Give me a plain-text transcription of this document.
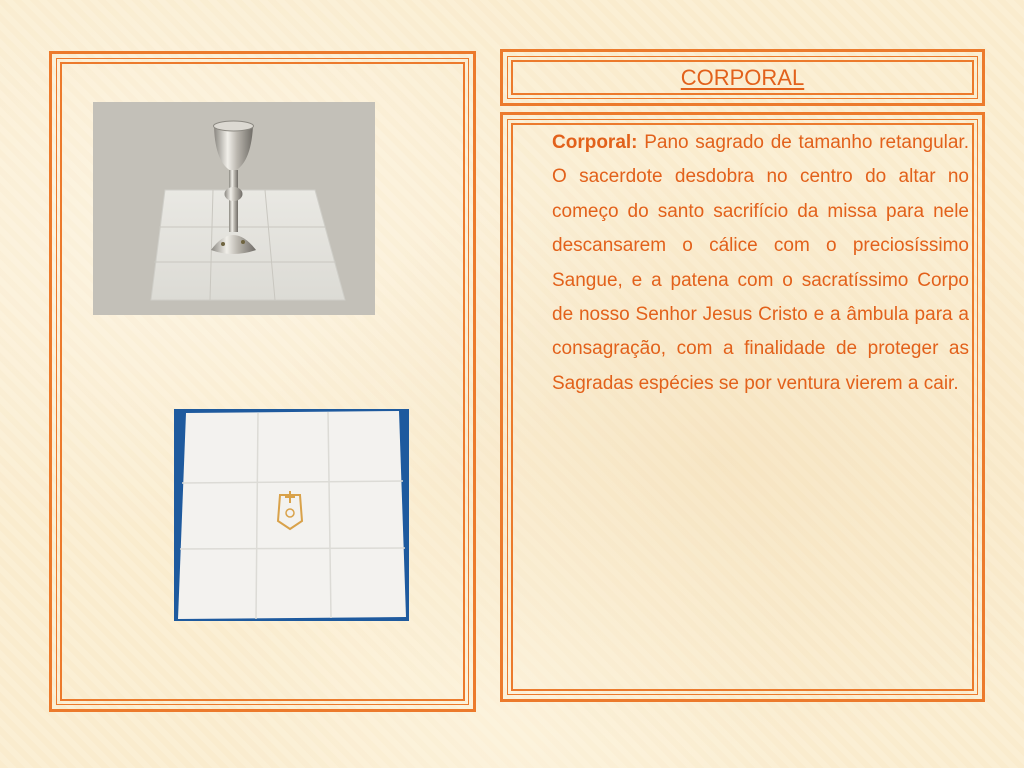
CORPORAL
Corporal: Pano sagrado de tamanho retangular. O sacerdote desdobra no centro do altar no começo do santo sacrifício da missa para nele descansarem o cálice com o preciosíssimo Sangue, e a patena com o sacratíssimo Corpo de nosso Senhor Jesus Cristo e a âmbula para a consagração, com a finalidade de proteger as Sagradas espécies se por ventura vierem a cair.
